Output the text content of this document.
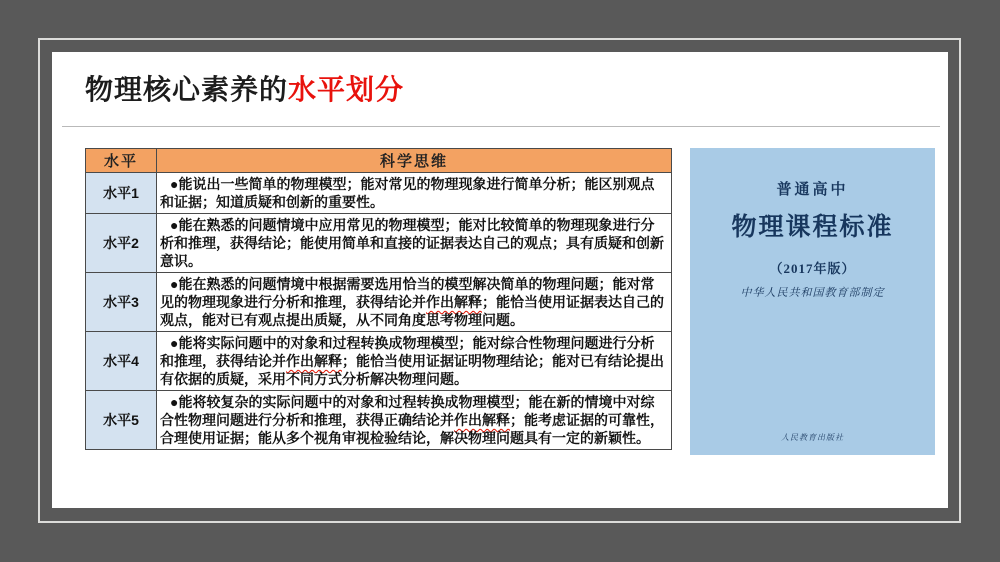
物理核心素养的水平划分
水平	科学思维
水平1	●能说出一些简单的物理模型；能对常见的物理现象进行简单分析；能区别观点和证据；知道质疑和创新的重要性。
水平2	●能在熟悉的问题情境中应用常见的物理模型；能对比较简单的物理现象进行分析和推理，获得结论；能使用简单和直接的证据表达自己的观点；具有质疑和创新意识。
水平3	●能在熟悉的问题情境中根据需要选用恰当的模型解决简单的物理问题；能对常见的物理现象进行分析和推理，获得结论并作出解释；能恰当使用证据表达自己的观点，能对已有观点提出质疑，从不同角度思考物理问题。
水平4	●能将实际问题中的对象和过程转换成物理模型；能对综合性物理问题进行分析和推理，获得结论并作出解释；能恰当使用证据证明物理结论；能对已有结论提出有依据的质疑，采用不同方式分析解决物理问题。
水平5	●能将较复杂的实际问题中的对象和过程转换成物理模型；能在新的情境中对综合性物理问题进行分析和推理，获得正确结论并作出解释；能考虑证据的可靠性，合理使用证据；能从多个视角审视检验结论，解决物理问题具有一定的新颖性。
普通高中
物理课程标准
（2017年版）
中华人民共和国教育部制定
人民教育出版社
